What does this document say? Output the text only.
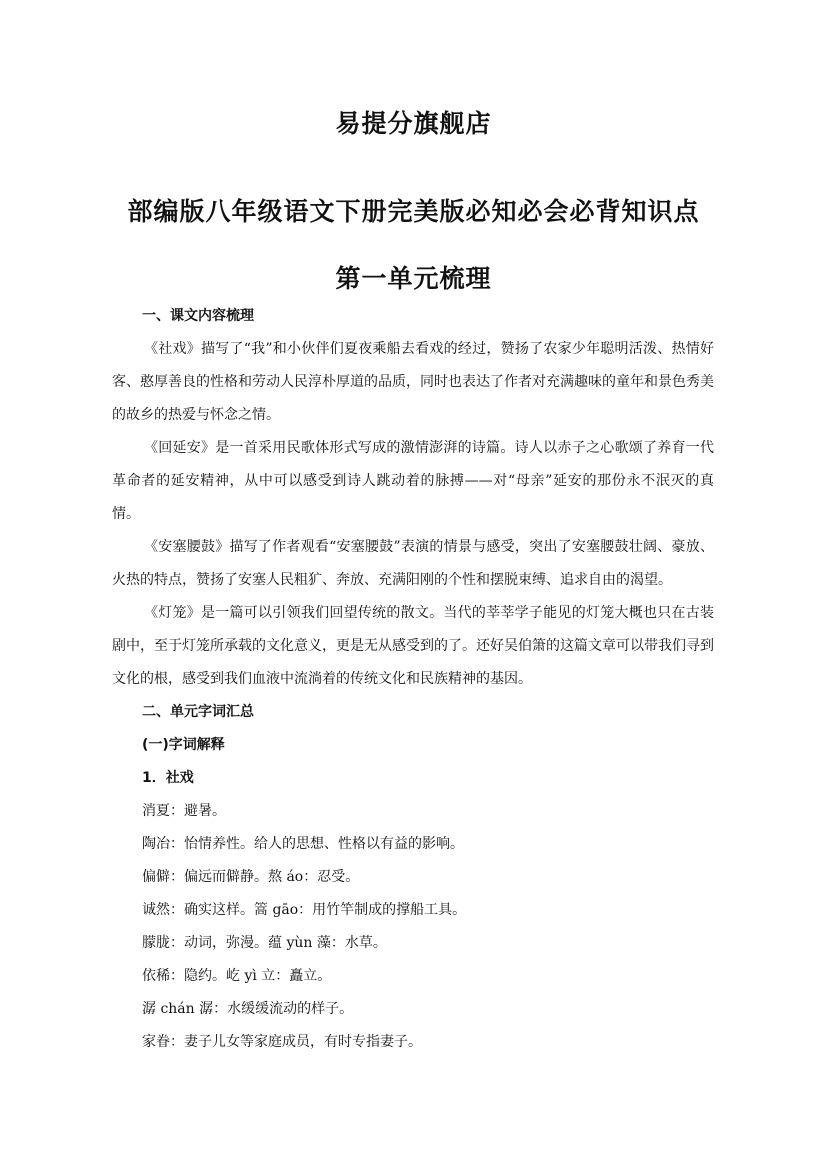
易提分旗舰店
部编版八年级语文下册完美版必知必会必背知识点
第一单元梳理

一、课文内容梳理

《社戏》描写了“我”和小伙伴们夏夜乘船去看戏的经过，赞扬了农家少年聪明活泼、热情好客、憨厚善良的性格和劳动人民淳朴厚道的品质，同时也表达了作者对充满趣味的童年和景色秀美的故乡的热爱与怀念之情。

《回延安》是一首采用民歌体形式写成的激情澎湃的诗篇。诗人以赤子之心歌颂了养育一代革命者的延安精神，从中可以感受到诗人跳动着的脉搏——对“母亲”延安的那份永不泯灭的真情。

《安塞腰鼓》描写了作者观看“安塞腰鼓”表演的情景与感受，突出了安塞腰鼓壮阔、豪放、火热的特点，赞扬了安塞人民粗犷、奔放、充满阳刚的个性和摆脱束缚、追求自由的渴望。

《灯笼》是一篇可以引领我们回望传统的散文。当代的莘莘学子能见的灯笼大概也只在古装剧中，至于灯笼所承载的文化意义，更是无从感受到的了。还好吴伯箫的这篇文章可以带我们寻到文化的根，感受到我们血液中流淌着的传统文化和民族精神的基因。

二、单元字词汇总

(一)字词解释

1．社戏

消夏：避暑。

陶冶：怡情养性。给人的思想、性格以有益的影响。

偏僻：偏远而僻静。熬 áo：忍受。

诚然：确实这样。篙 gāo：用竹竿制成的撑船工具。

朦胧：动词，弥漫。蕴 yùn 藻：水草。

依稀：隐约。屹 yì 立：矗立。

潺 chán 潺：水缓缓流动的样子。

家眷：妻子儿女等家庭成员，有时专指妻子。
